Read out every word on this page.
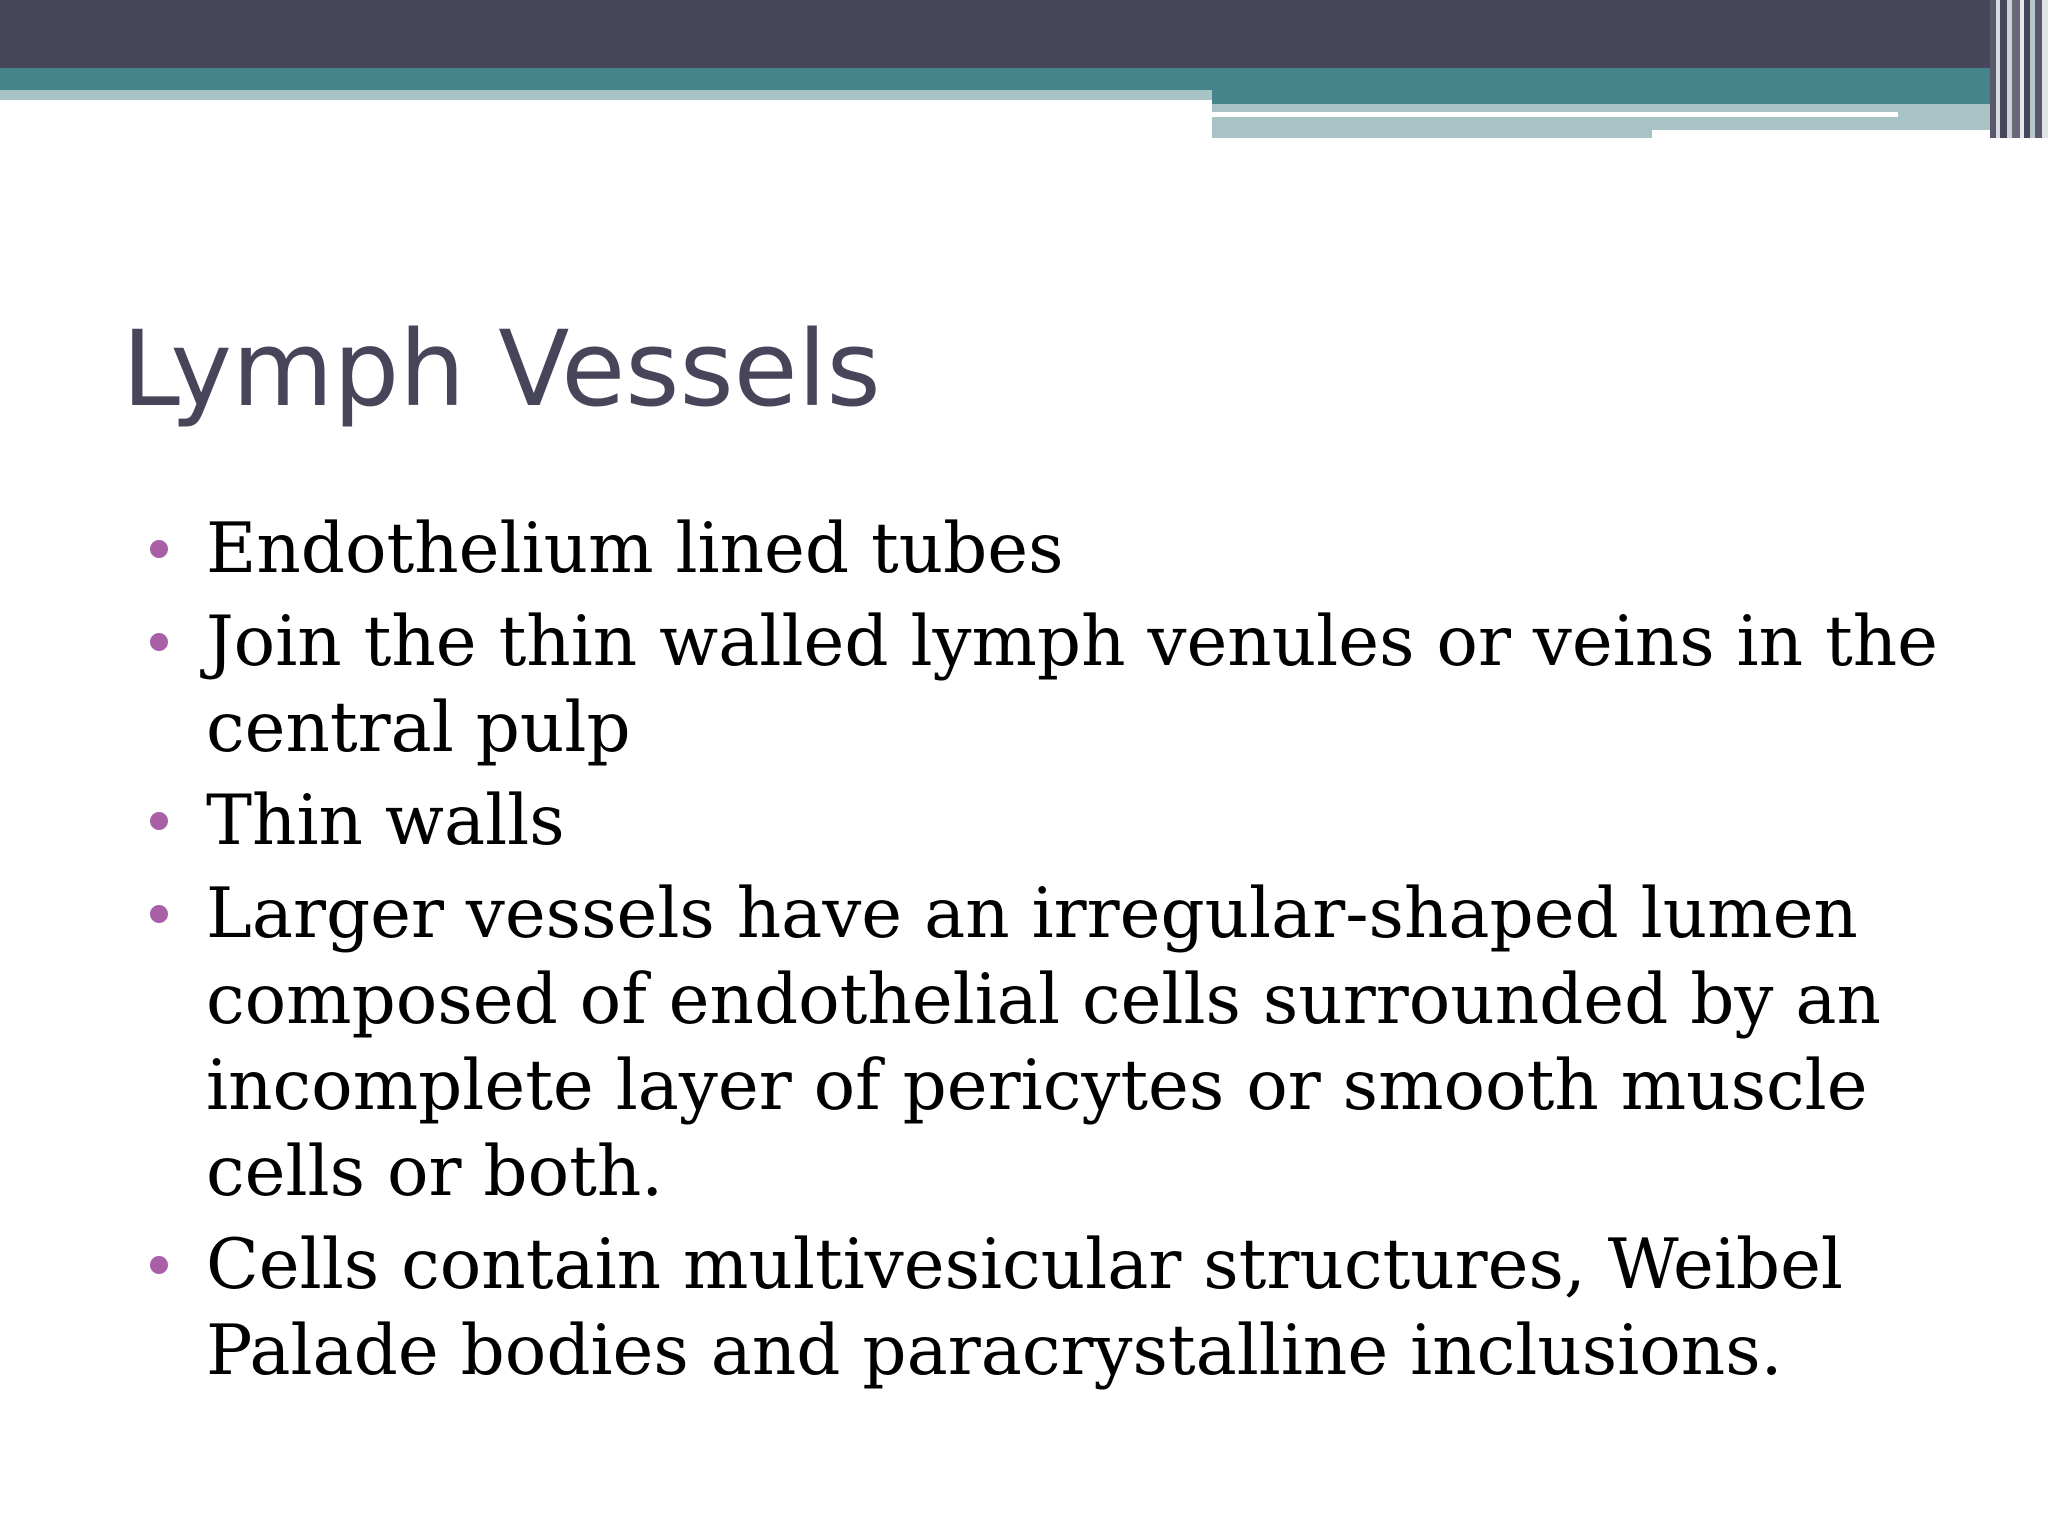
Lymph Vessels
Endothelium lined tubes
Join the thin walled lymph venules or veins in the central pulp
Thin walls
Larger vessels have an irregular-shaped lumen composed of endothelial cells surrounded by an incomplete layer of pericytes or smooth muscle cells or both.
Cells contain multivesicular structures, Weibel Palade bodies and paracrystalline inclusions.
